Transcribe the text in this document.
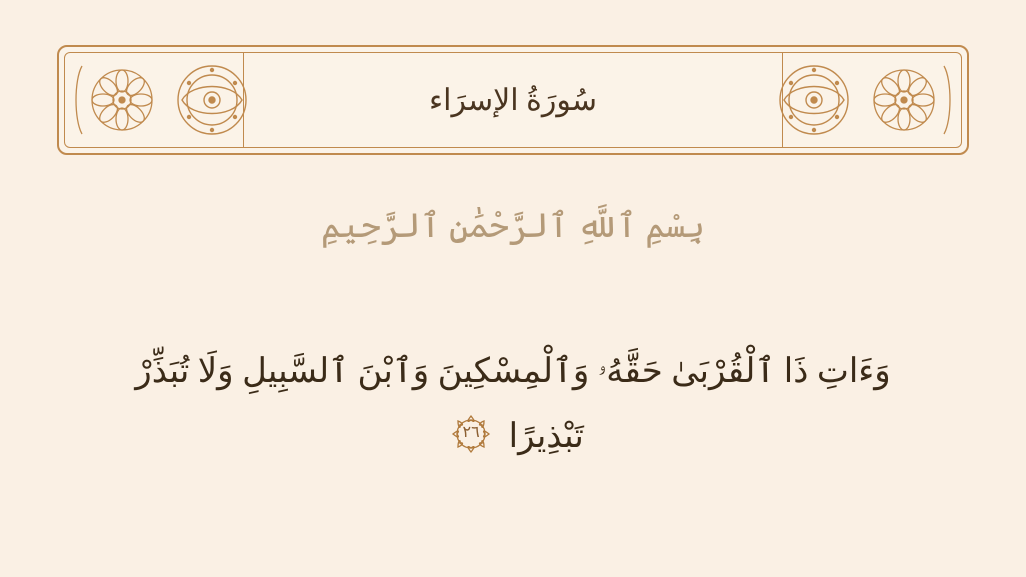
سُورَةُ الإسرَاء
بِسْمِ ٱللَّهِ ٱلرَّحْمَٰنِ ٱلرَّحِيمِ
وَءَاتِ ذَا ٱلْقُرْبَىٰ حَقَّهُۥ وَٱلْمِسْكِينَ وَٱبْنَ ٱلسَّبِيلِ وَلَا تُبَذِّرْ
تَبْذِيرًا
٢٦
